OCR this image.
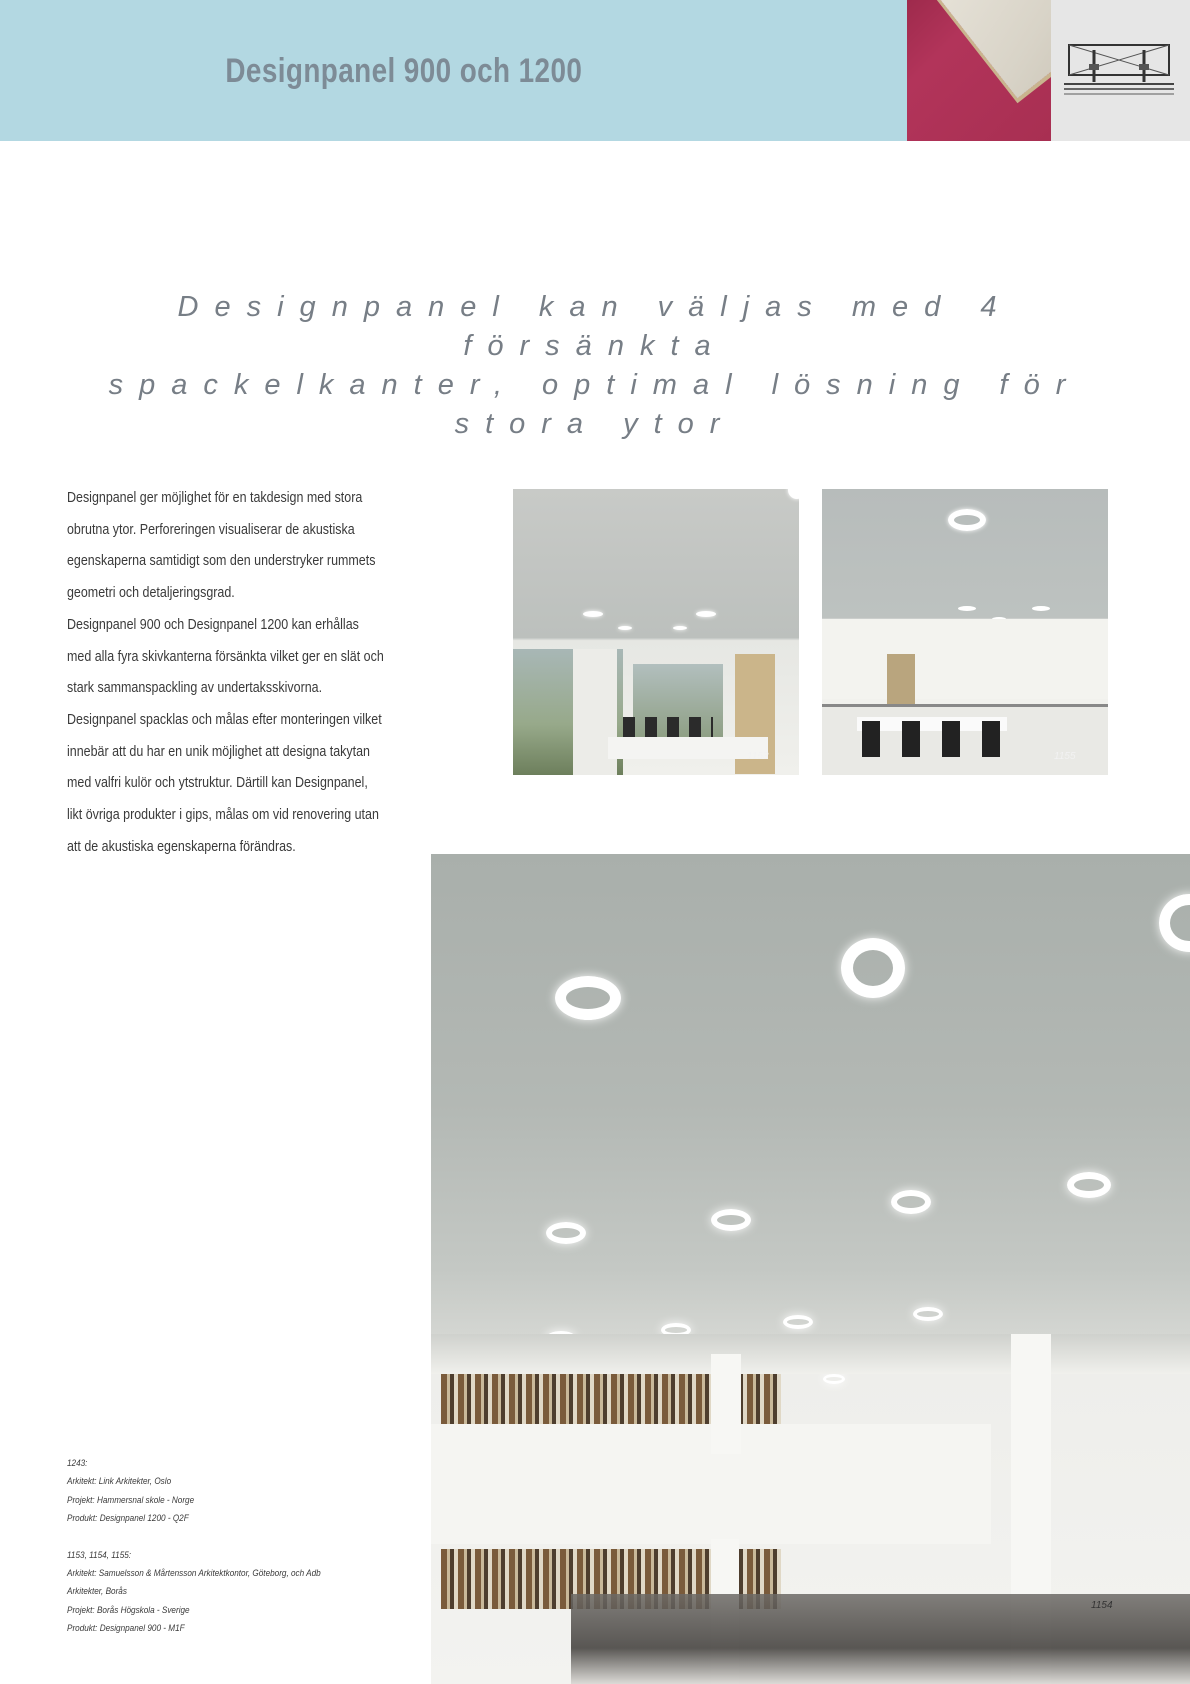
Designpanel 900 och 1200

Designpanel kan väljas med 4 försänkta
spackelkanter, optimal lösning för stora ytor

Designpanel ger möjlighet för en takdesign med stora obrutna ytor. Perforeringen visualiserar de akustiska egenskaperna samtidigt som den understryker rummets geometri och detaljeringsgrad.

Designpanel 900 och Designpanel 1200 kan erhållas med alla fyra skivkanterna försänkta vilket ger en slät och stark sammanspackling av undertaksskivorna.

Designpanel spacklas och målas efter monteringen vilket innebär att du har en unik möjlighet att designa takytan med valfri kulör och ytstruktur. Därtill kan Designpanel, likt övriga produkter i gips, målas om vid renovering utan att de akustiska egenskaperna förändras.

1153	1155
1154

1243:

Arkitekt: Link Arkitekter, Oslo

Projekt: Hammersnal skole - Norge

Produkt: Designpanel 1200 - Q2F

1153, 1154, 1155:

Arkitekt: Samuelsson & Mårtensson Arkitektkontor, Göteborg, och Adb Arkitekter, Borås

Projekt: Borås Högskola - Sverige

Produkt: Designpanel 900 - M1F
